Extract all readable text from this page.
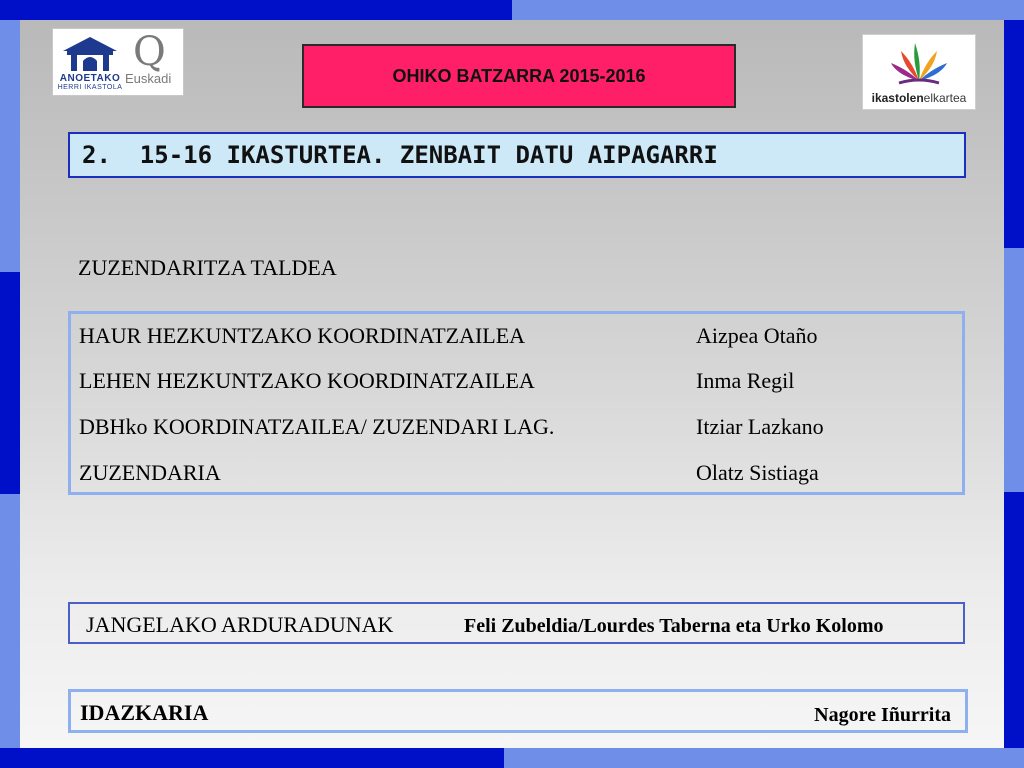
ANOETAKO
HERRI IKASTOLA
Q
Euskadi	OHIKO BATZARRA 2015-2016
ikastolenelkartea
2.  15-16 IKASTURTEA. ZENBAIT DATU AIPAGARRI
ZUZENDARITZA TALDEA
HAUR HEZKUNTZAKO KOORDINATZAILEA	Aizpea Otaño
LEHEN HEZKUNTZAKO KOORDINATZAILEA	Inma Regil
DBHko KOORDINATZAILEA/ ZUZENDARI LAG.	Itziar Lazkano
ZUZENDARIA	Olatz Sistiaga
JANGELAKO ARDURADUNAK	Feli Zubeldia/Lourdes Taberna eta Urko Kolomo
IDAZKARIA	Nagore Iñurrita
